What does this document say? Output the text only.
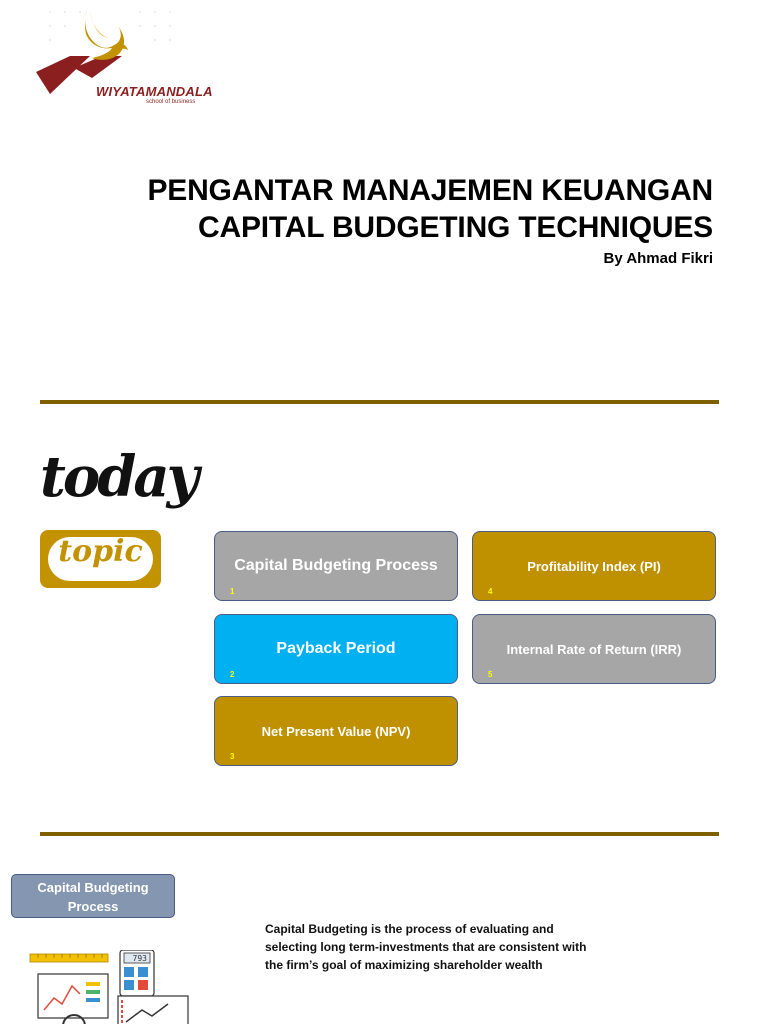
WIYATAMANDALA
school of business
PENGANTAR MANAJEMEN KEUANGAN
CAPITAL BUDGETING TECHNIQUES
By Ahmad Fikri
today
topic	Capital Budgeting Process
1
Payback Period
2
Net Present Value (NPV)
3
Profitability Index (PI)
4
Internal Rate of Return (IRR)
5
Capital Budgeting Process
Capital Budgeting is the process of evaluating and selecting long term-investments that are consistent with the firm’s goal of maximizing shareholder wealth
793
